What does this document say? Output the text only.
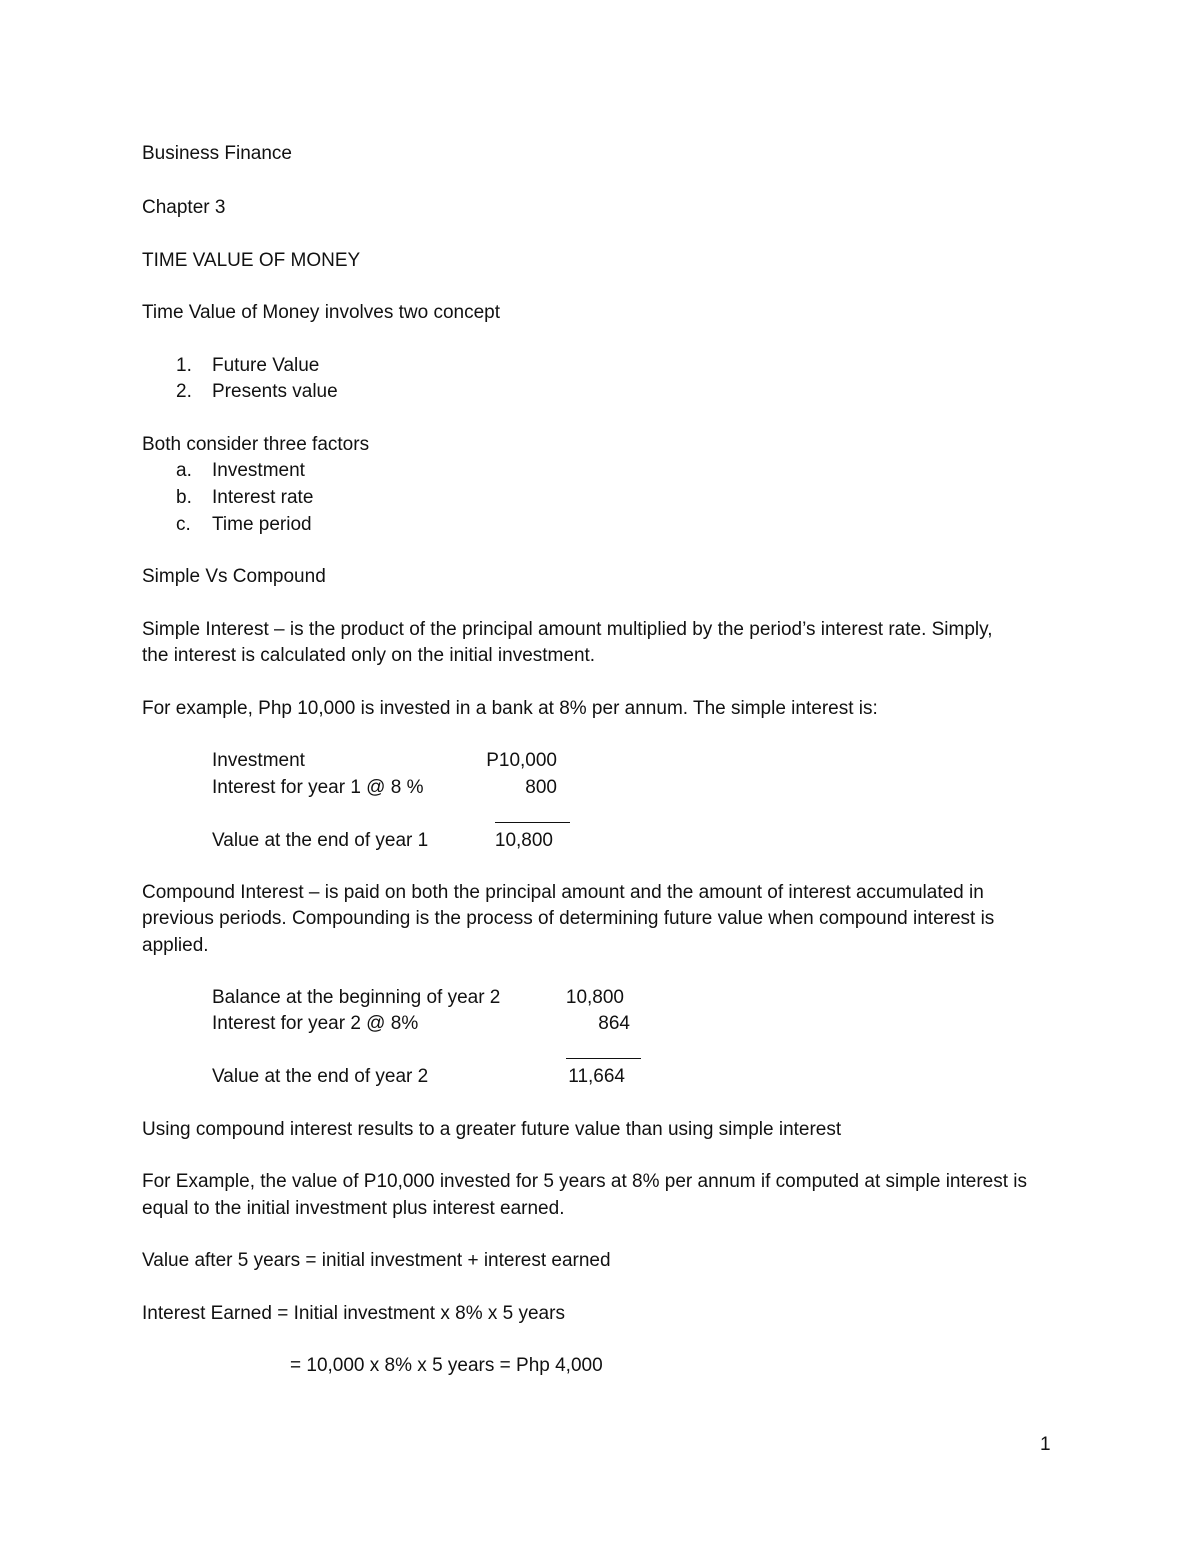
Business Finance
Chapter 3
TIME VALUE OF MONEY
Time Value of Money involves two concept
1. Future Value
2. Presents value
Both consider three factors
a. Investment
b. Interest rate
c. Time period
Simple Vs Compound
Simple Interest – is the product of the principal amount multiplied by the period’s interest rate. Simply,
the interest is calculated only on the initial investment.
For example, Php 10,000 is invested in a bank at 8% per annum. The simple interest is:
Investment	P10,000
Interest for year 1 @ 8 %	800
Value at the end of year 1	10,800
Compound Interest – is paid on both the principal amount and the amount of interest accumulated in
previous periods. Compounding is the process of determining future value when compound interest is
applied.
Balance at the beginning of year 2	10,800
Interest for year 2 @ 8%	864
Value at the end of year 2	11,664
Using compound interest results to a greater future value than using simple interest
For Example, the value of P10,000 invested for 5 years at 8% per annum if computed at simple interest is
equal to the initial investment plus interest earned.
Value after 5 years = initial investment + interest earned
Interest Earned = Initial investment x 8% x 5 years
= 10,000 x 8% x 5 years = Php 4,000
1
